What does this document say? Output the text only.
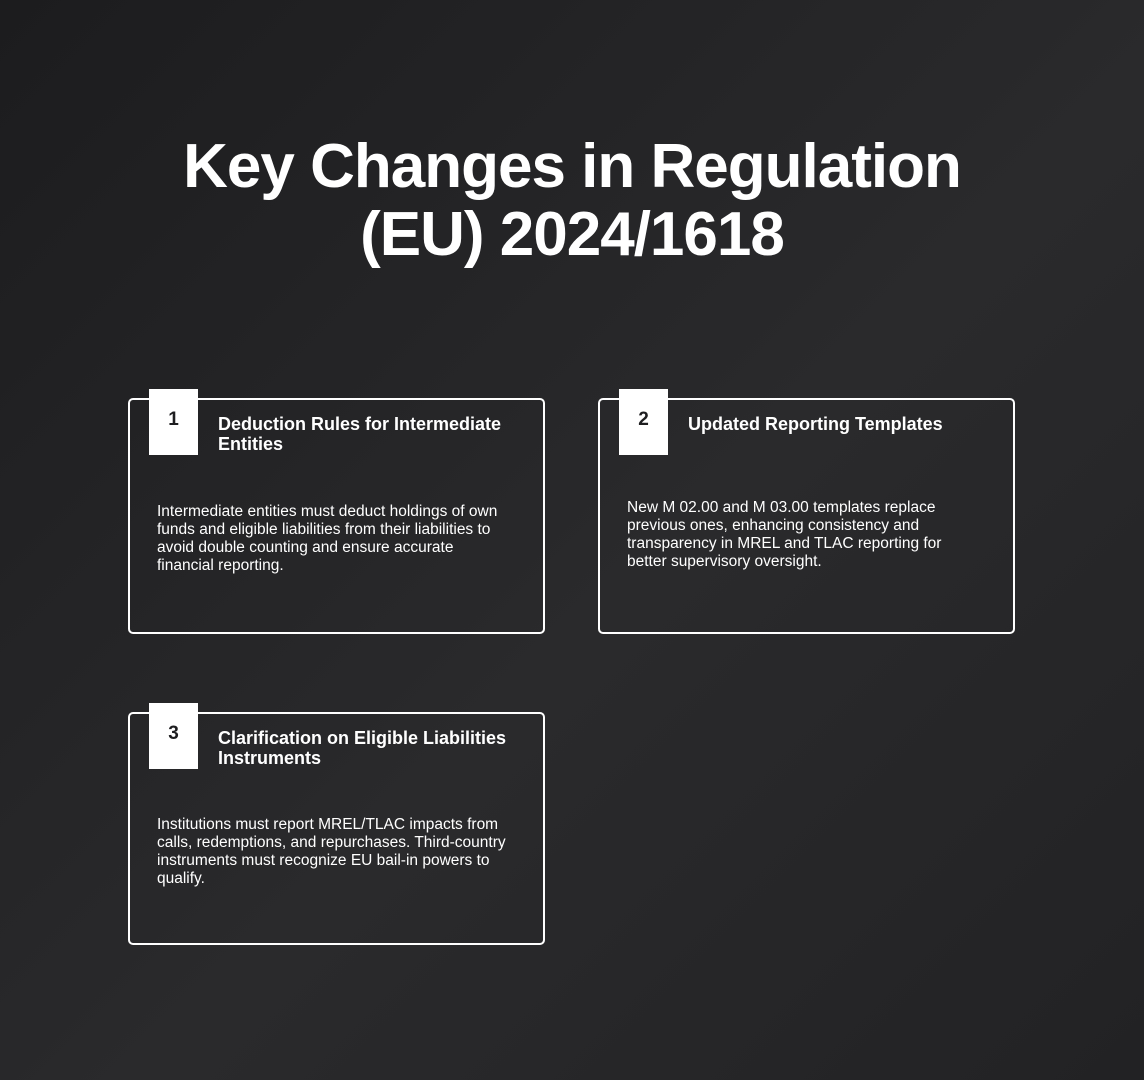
Key Changes in Regulation
(EU) 2024/1618
1	Deduction Rules for Intermediate Entities

Intermediate entities must deduct holdings of own funds and eligible liabilities from their liabilities to avoid double counting and ensure accurate financial reporting.

2	Updated Reporting Templates

New M 02.00 and M 03.00 templates replace previous ones, enhancing consistency and transparency in MREL and TLAC reporting for better supervisory oversight.

3	Clarification on Eligible Liabilities Instruments

Institutions must report MREL/TLAC impacts from calls, redemptions, and repurchases. Third-country instruments must recognize EU bail-in powers to qualify.
